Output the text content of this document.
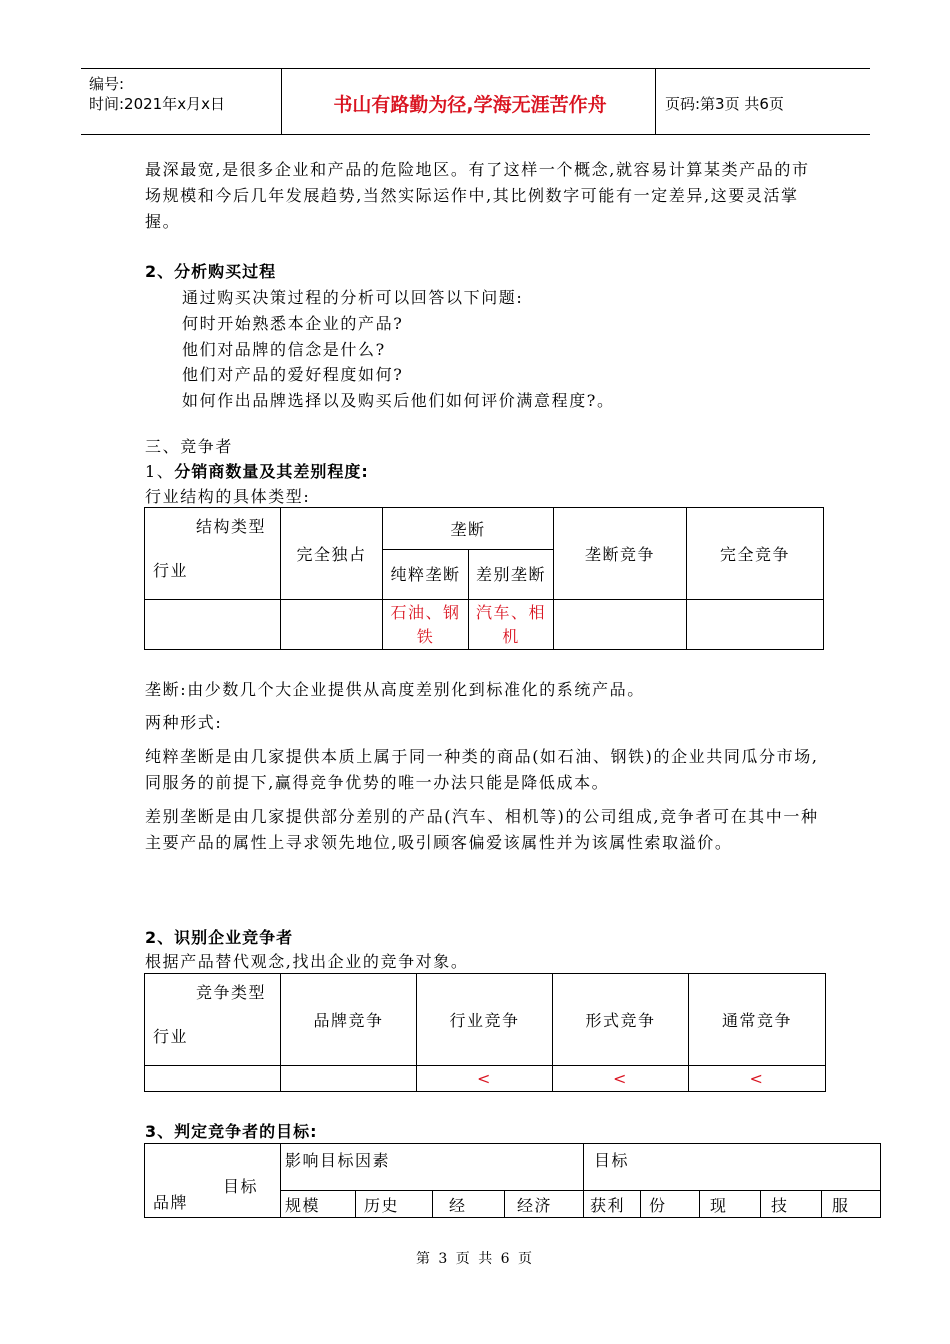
编号:
时间:2021年x月x日	书山有路勤为径,学海无涯苦作舟	页码:第3页 共6页
最深最宽,是很多企业和产品的危险地区。有了这样一个概念,就容易计算某类产品的市场规模和今后几年发展趋势,当然实际运作中,其比例数字可能有一定差异,这要灵活掌握。
2、分析购买过程
通过购买决策过程的分析可以回答以下问题:
何时开始熟悉本企业的产品?
他们对品牌的信念是什么?
他们对产品的爱好程度如何?
如何作出品牌选择以及购买后他们如何评价满意程度?。
三、竞争者
1、分销商数量及其差别程度:
行业结构的具体类型:
结构类型
行业	完全独占	垄断		垄断竞争	完全竞争
		纯粹垄断	差别垄断		
		石油、钢铁	汽车、相机		
垄断:由少数几个大企业提供从高度差别化到标准化的系统产品。
两种形式:
纯粹垄断是由几家提供本质上属于同一种类的商品(如石油、钢铁)的企业共同瓜分市场,同服务的前提下,赢得竞争优势的唯一办法只能是降低成本。
差别垄断是由几家提供部分差别的产品(汽车、相机等)的公司组成,竞争者可在其中一种主要产品的属性上寻求领先地位,吸引顾客偏爱该属性并为该属性索取溢价。
2、识别企业竞争者
根据产品替代观念,找出企业的竞争对象。
竞争类型
行业	品牌竞争	行业竞争	形式竞争	通常竞争
		<	<	<
3、判定竞争者的目标:
目标
品牌	影响目标因素				目标				
	规模	历史	经	经济	获利	份	现	技	服
第 3 页 共 6 页
